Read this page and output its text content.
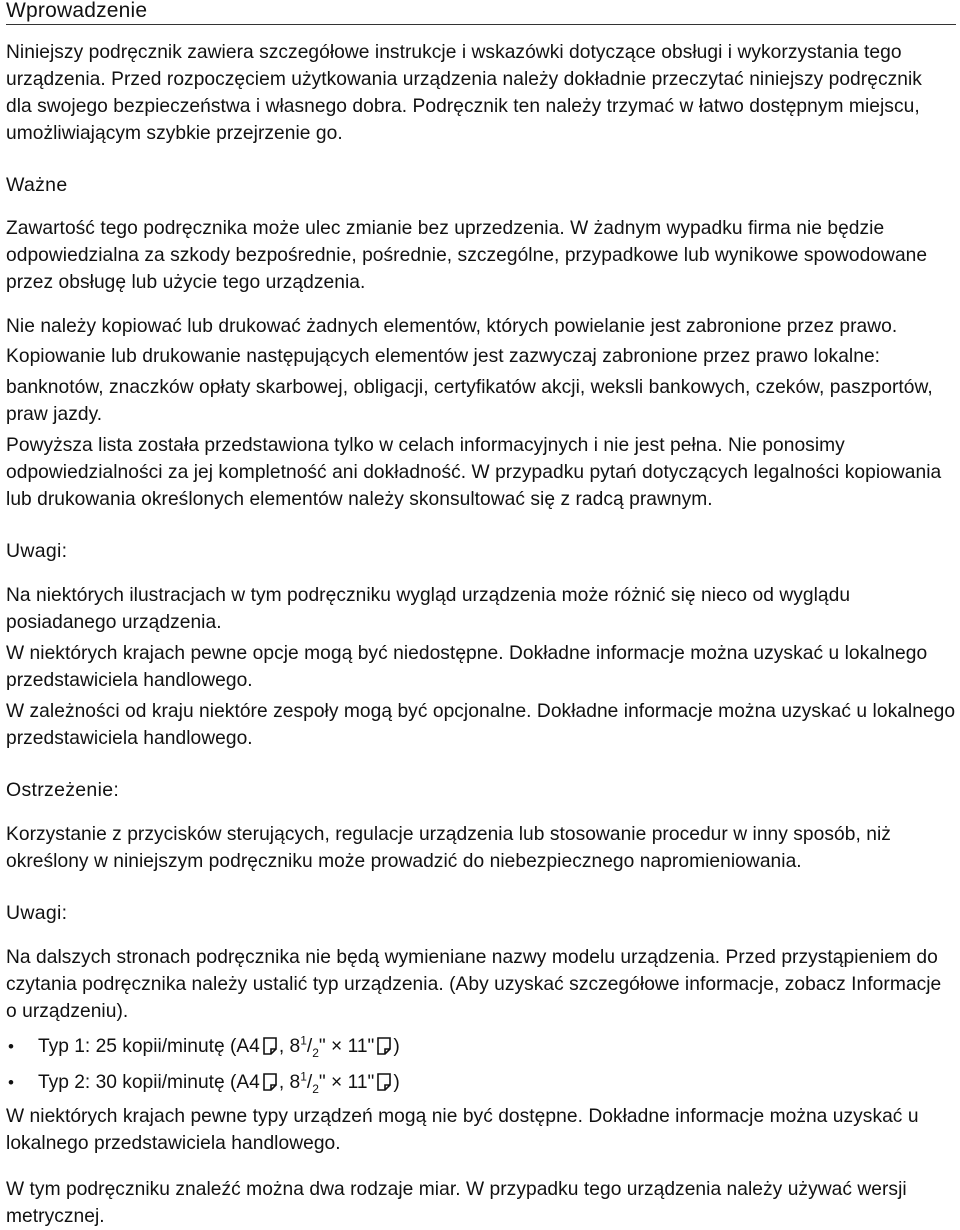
Wprowadzenie

Niniejszy podręcznik zawiera szczegółowe instrukcje i wskazówki dotyczące obsługi i wykorzystania tego urządzenia. Przed rozpoczęciem użytkowania urządzenia należy dokładnie przeczytać niniejszy podręcznik dla swojego bezpieczeństwa i własnego dobra. Podręcznik ten należy trzymać w łatwo dostępnym miejscu, umożliwiającym szybkie przejrzenie go.

Ważne

Zawartość tego podręcznika może ulec zmianie bez uprzedzenia. W żadnym wypadku firma nie będzie odpowiedzialna za szkody bezpośrednie, pośrednie, szczególne, przypadkowe lub wynikowe spowodowane przez obsługę lub użycie tego urządzenia.

Nie należy kopiować lub drukować żadnych elementów, których powielanie jest zabronione przez prawo.

Kopiowanie lub drukowanie następujących elementów jest zazwyczaj zabronione przez prawo lokalne:

banknotów, znaczków opłaty skarbowej, obligacji, certyfikatów akcji, weksli bankowych, czeków, paszportów, praw jazdy.

Powyższa lista została przedstawiona tylko w celach informacyjnych i nie jest pełna. Nie ponosimy odpowiedzialności za jej kompletność ani dokładność. W przypadku pytań dotyczących legalności kopiowania lub drukowania określonych elementów należy skonsultować się z radcą prawnym.

Uwagi:

Na niektórych ilustracjach w tym podręczniku wygląd urządzenia może różnić się nieco od wyglądu posiadanego urządzenia.

W niektórych krajach pewne opcje mogą być niedostępne. Dokładne informacje można uzyskać u lokalnego przedstawiciela handlowego.

W zależności od kraju niektóre zespoły mogą być opcjonalne. Dokładne informacje można uzyskać u lokalnego przedstawiciela handlowego.

Ostrzeżenie:

Korzystanie z przycisków sterujących, regulacje urządzenia lub stosowanie procedur w inny sposób, niż określony w niniejszym podręczniku może prowadzić do niebezpiecznego napromieniowania.

Uwagi:

Na dalszych stronach podręcznika nie będą wymieniane nazwy modelu urządzenia. Przed przystąpieniem do czytania podręcznika należy ustalić typ urządzenia. (Aby uzyskać szczegółowe informacje, zobacz Informacje o urządzeniu).

• Typ 1: 25 kopii/minutę (A4 , $8^1/_2$" × 11" )
• Typ 2: 30 kopii/minutę (A4 , $8^1/_2$" × 11" )

W niektórych krajach pewne typy urządzeń mogą nie być dostępne. Dokładne informacje można uzyskać u lokalnego przedstawiciela handlowego.

W tym podręczniku znaleźć można dwa rodzaje miar. W przypadku tego urządzenia należy używać wersji metrycznej.
